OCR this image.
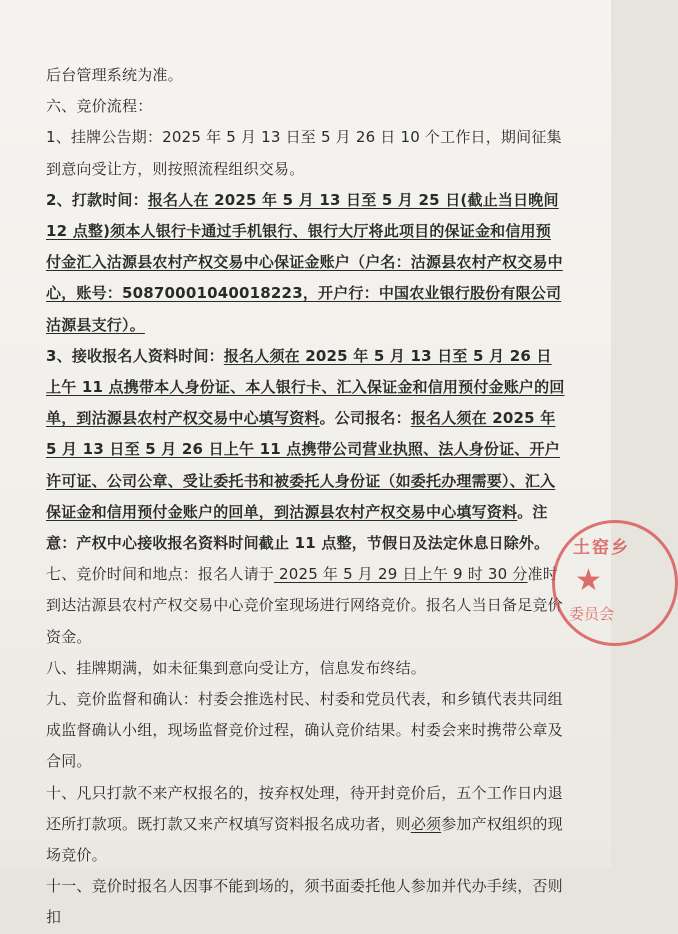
后台管理系统为准。

六、竞价流程：

1、挂牌公告期：2025 年 5 月 13 日至 5 月 26 日 10 个工作日，期间征集到意向受让方，则按照流程组织交易。

2、打款时间：报名人在 2025 年 5 月 13 日至 5 月 25 日(截止当日晚间 12 点整)须本人银行卡通过手机银行、银行大厅将此项目的保证金和信用预付金汇入沽源县农村产权交易中心保证金账户（户名：沽源县农村产权交易中心，账号：50870001040018223，开户行：中国农业银行股份有限公司沽源县支行）。

3、接收报名人资料时间：报名人须在 2025 年 5 月 13 日至 5 月 26 日上午 11 点携带本人身份证、本人银行卡、汇入保证金和信用预付金账户的回单，到沽源县农村产权交易中心填写资料。公司报名：报名人须在 2025 年 5 月 13 日至 5 月 26 日上午 11 点携带公司营业执照、法人身份证、开户许可证、公司公章、受让委托书和被委托人身份证（如委托办理需要）、汇入保证金和信用预付金账户的回单，到沽源县农村产权交易中心填写资料。注意：产权中心接收报名资料时间截止 11 点整，节假日及法定休息日除外。

七、竞价时间和地点：报名人请于 2025 年 5 月 29 日上午 9 时 30 分准时到达沽源县农村产权交易中心竞价室现场进行网络竞价。报名人当日备足竞价资金。

八、挂牌期满，如未征集到意向受让方，信息发布终结。

九、竞价监督和确认：村委会推选村民、村委和党员代表，和乡镇代表共同组成监督确认小组，现场监督竞价过程，确认竞价结果。村委会来时携带公章及合同。

十、凡只打款不来产权报名的，按弃权处理，待开封竞价后，五个工作日内退还所打款项。既打款又来产权填写资料报名成功者，则必须参加产权组织的现场竞价。

十一、竞价时报名人因事不能到场的，须书面委托他人参加并代办手续，否则扣

土窑乡
★
委员会
